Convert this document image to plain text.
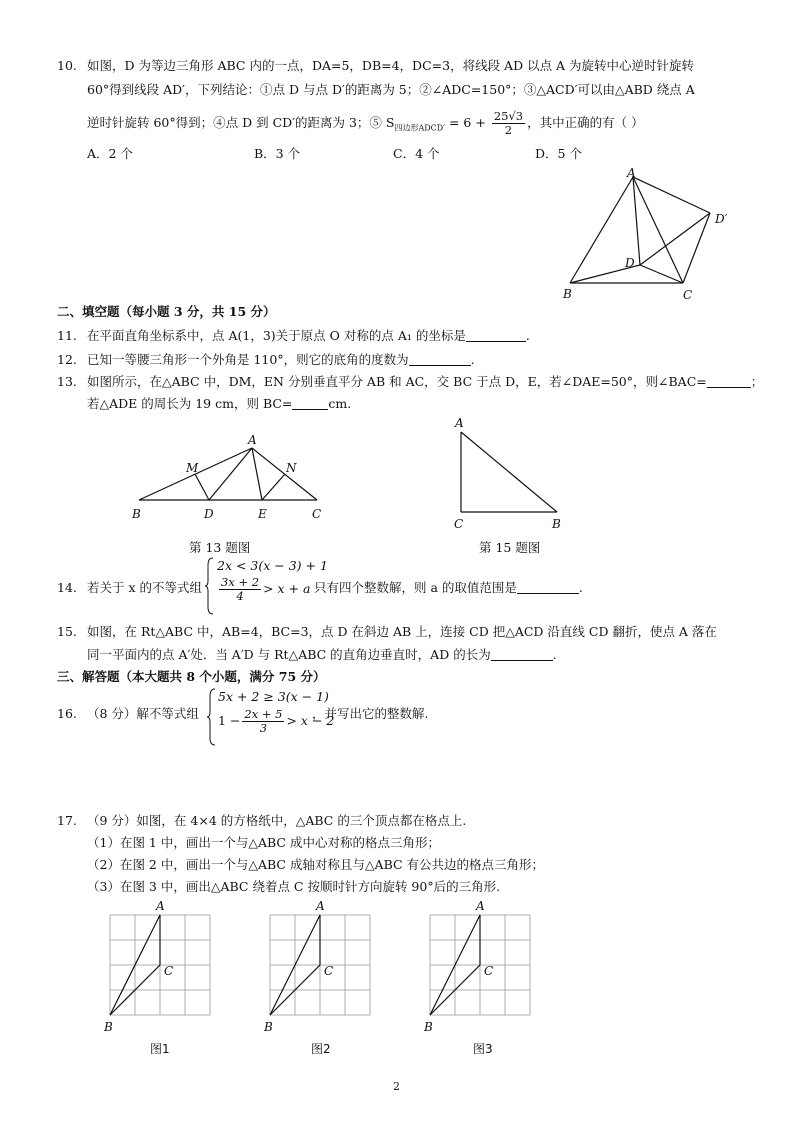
10. 如图，D 为等边三角形 ABC 内的一点，DA=5，DB=4，DC=3，将线段 AD 以点 A 为旋转中心逆时针旋转
60°得到线段 AD′，下列结论：①点 D 与点 D′的距离为 5；②∠ADC=150°；③△ACD′可以由△ABD 绕点 A
逆时针旋转 60°得到；④点 D 到 CD′的距离为 3；⑤ $S_{四边形ADCD'} = 6 + \frac{25√3}{2}$ ，其中正确的有（ ）
A．2 个	B．3 个	C．4 个	D．5 个
A
B	C
D
D′
二、填空题（每小题 3 分，共 15 分）
11. 在平面直角坐标系中，点 A(1，3)关于原点 O 对称的点 A₁ 的坐标是	.
12. 已知一等腰三角形一个外角是 110°，则它的底角的度数为	.
13. 如图所示，在△ABC 中，DM，EN 分别垂直平分 AB 和 AC，交 BC 于点 D，E，若∠DAE=50°，则∠BAC=	；
若△ADE 的周长为 19 cm，则 BC=	cm.
A
B	C
D	E
M	N
第 13 题图
A
C	B
第 15 题图
14. 若关于 x 的不等式组
2x < 3(x − 3) + 1
$\frac{3x + 2}{4} > x + a$ 只有四个整数解，则 a 的取值范围是	.
15. 如图，在 Rt△ABC 中，AB=4，BC=3，点 D 在斜边 AB 上，连接 CD 把△ACD 沿直线 CD 翻折，使点 A 落在
同一平面内的点 A′处．当 A′D 与 Rt△ABC 的直角边垂直时，AD 的长为	.
三、解答题（本大题共 8 个小题，满分 75 分）
16. （8 分）解不等式组
5x + 2 ≥ 3(x − 1)
$1 - \frac{2x + 5}{3} > x - 2$
，并写出它的整数解.
17. （9 分）如图，在 4×4 的方格纸中，△ABC 的三个顶点都在格点上.
（1）在图 1 中，画出一个与△ABC 成中心对称的格点三角形；
（2）在图 2 中，画出一个与△ABC 成轴对称且与△ABC 有公共边的格点三角形；
（3）在图 3 中，画出△ABC 绕着点 C 按顺时针方向旋转 90°后的三角形.
A
B
C
图1
A
B
C
图2
A
B
C
图3
2
